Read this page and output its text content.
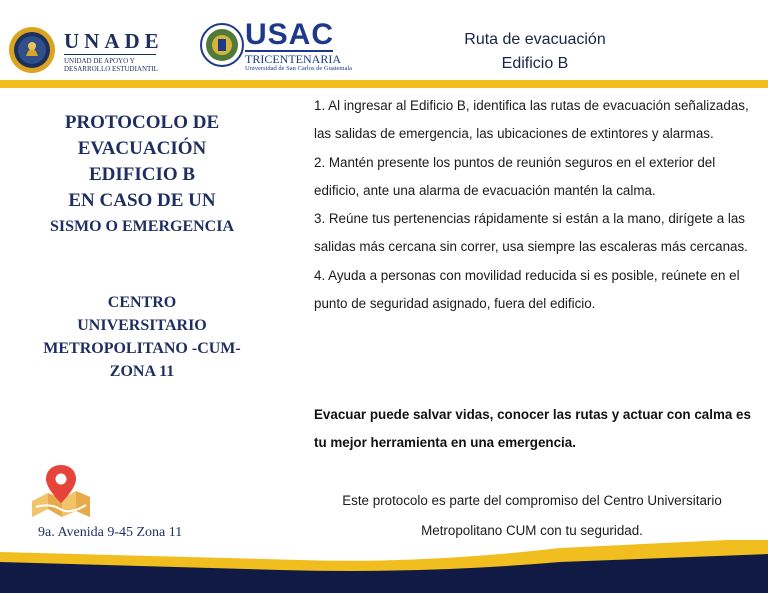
UNADE
UNIDAD DE APOYO Y
DESARROLLO ESTUDIANTIL
USAC
TRICENTENARIA
Universidad de San Carlos de Guatemala
Ruta de evacuación
Edificio B
PROTOCOLO DE
EVACUACIÓN
EDIFICIO B
EN CASO DE UN
SISMO O EMERGENCIA
CENTRO
UNIVERSITARIO
METROPOLITANO -CUM-
ZONA 11
9a. Avenida 9-45 Zona 11

1. Al ingresar al Edificio B, identifica las rutas de evacuación señalizadas, las salidas de emergencia, las ubicaciones de extintores y alarmas.

2. Mantén presente los puntos de reunión seguros en el exterior del edificio, ante una alarma de evacuación mantén la calma.

3. Reúne tus pertenencias rápidamente si están a la mano, dirígete a las salidas más cercana sin correr, usa siempre las escaleras más cercanas.

4. Ayuda a personas con movilidad reducida si es posible, reúnete en el punto de seguridad asignado, fuera del edificio.

Evacuar puede salvar vidas, conocer las rutas y actuar con calma es tu mejor herramienta en una emergencia.
Este protocolo es parte del compromiso del Centro Universitario Metropolitano CUM con tu seguridad.
